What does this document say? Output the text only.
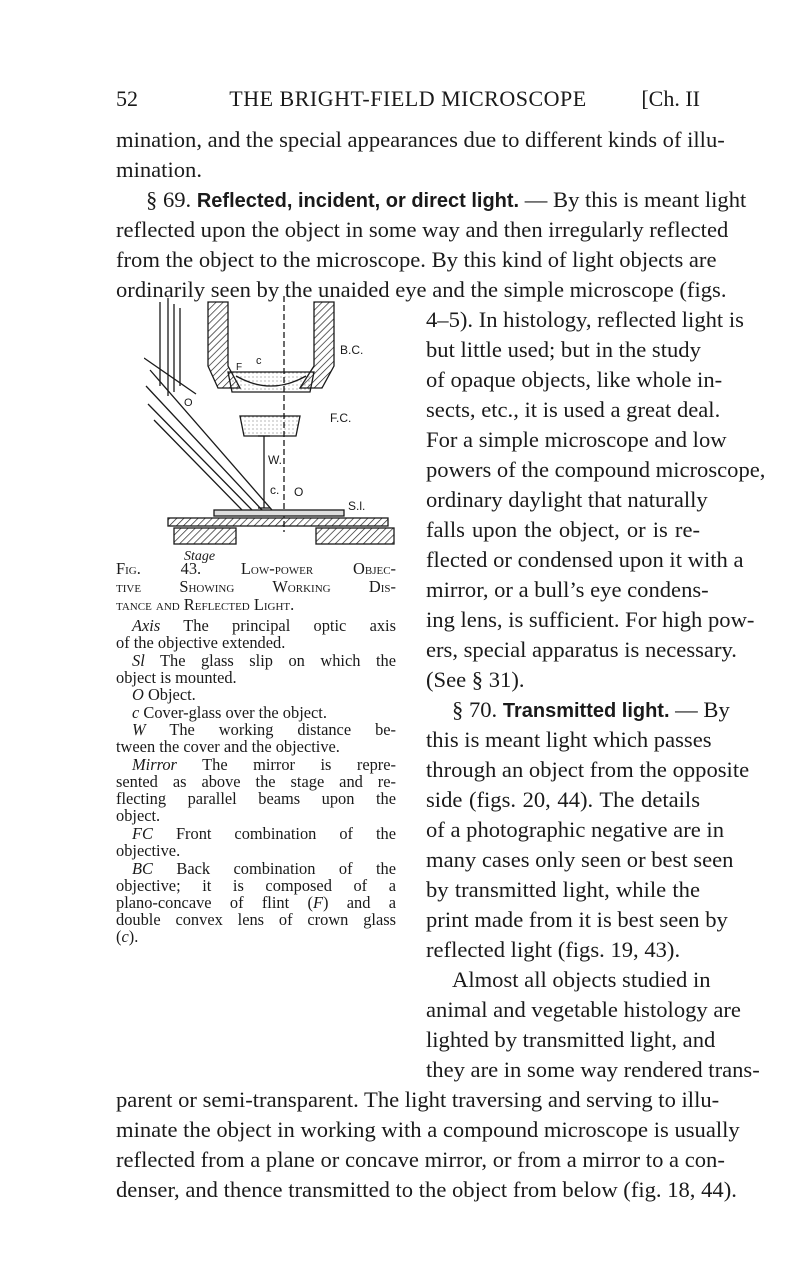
52	THE BRIGHT-FIELD MICROSCOPE	[Ch. II
mination, and the special appearances due to different kinds of illu-
mination.
§ 69. Reflected, incident, or direct light. — By this is meant light
reflected upon the object in some way and then irregularly reflected
from the object to the microscope. By this kind of light objects are
ordinarily seen by the unaided eye and the simple microscope (figs.
4–5). In histology, reflected light is
but little used; but in the study
of opaque objects, like whole in-
sects, etc., it is used a great deal.
For a simple microscope and low
powers of the compound microscope,
ordinary daylight that naturally
falls upon the object, or is re-
flected or condensed upon it with a
mirror, or a bull’s eye condens-
ing lens, is sufficient. For high pow-
ers, special apparatus is necessary.
(See § 31).
§ 70. Transmitted light. — By
this is meant light which passes
through an object from the opposite
side (figs. 20, 44). The details
of a photographic negative are in
many cases only seen or best seen
by transmitted light, while the
print made from it is best seen by
reflected light (figs. 19, 43).
Almost all objects studied in
animal and vegetable histology are
lighted by transmitted light, and
they are in some way rendered trans-
parent or semi-transparent. The light traversing and serving to illu-
minate the object in working with a compound microscope is usually
reflected from a plane or concave mirror, or from a mirror to a con-
denser, and thence transmitted to the object from below (fig. 18, 44).
B.C.
F.C.
W.
c. O
S.l.
O
c
F
Stage
Fig. 43. Low-power Objec-
tive Showing Working Dis-
tance and Reflected Light.
Axis The principal optic axis
of the objective extended.
Sl The glass slip on which the
object is mounted.
O Object.
c Cover-glass over the object.
W The working distance be-
tween the cover and the objective.
Mirror The mirror is repre-
sented as above the stage and re-
flecting parallel beams upon the
object.
FC Front combination of the
objective.
BC Back combination of the
objective; it is composed of a
plano-concave of flint (F) and a
double convex lens of crown glass
(c).
